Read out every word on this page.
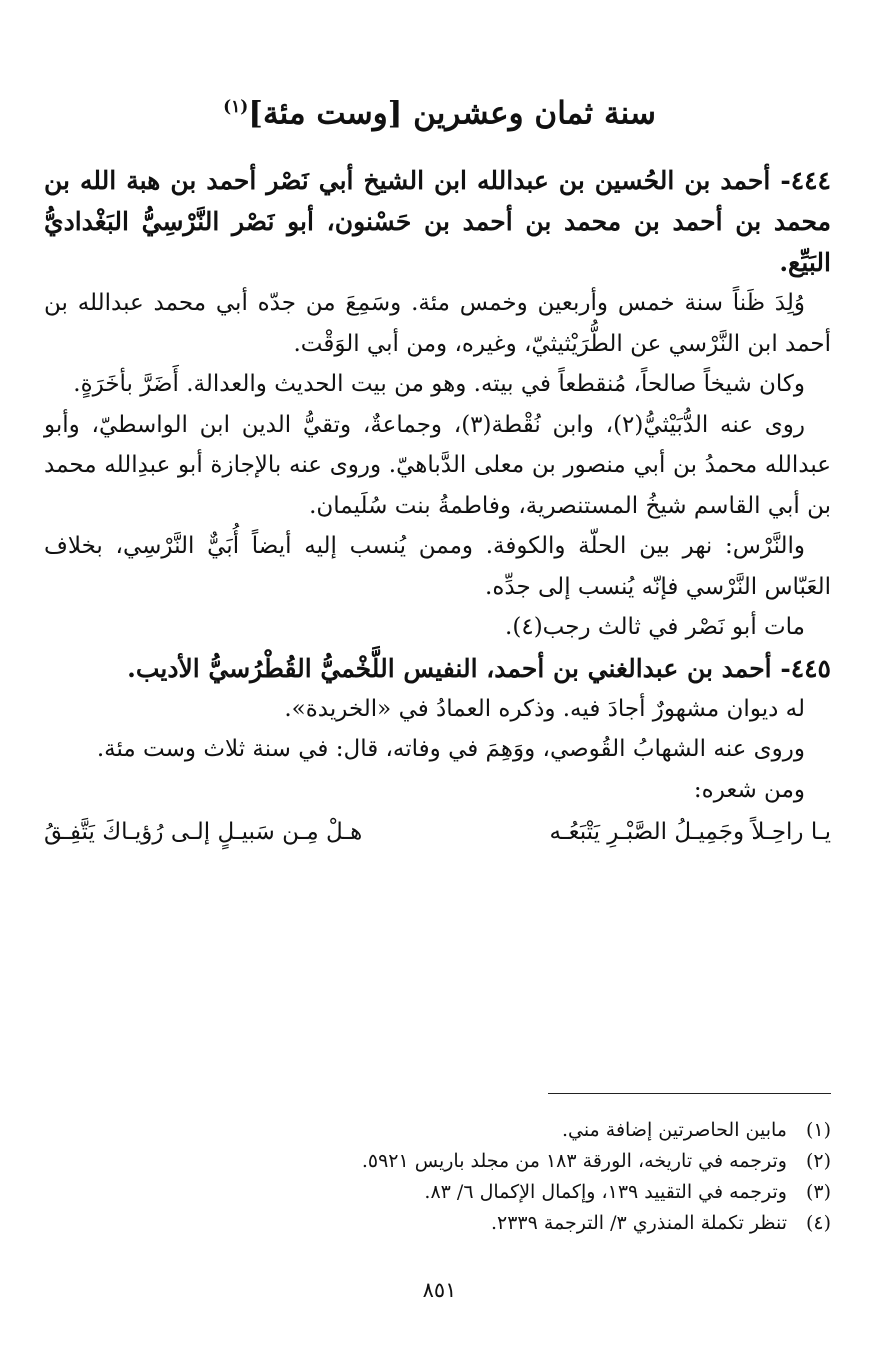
سنة ثمان وعشرين [وست مئة]$^{(١)}$

٤٤٤- أحمد بن الحُسين بن عبدالله ابن الشيخ أبي نَصْر أحمد بن هبة الله بن محمد بن أحمد بن محمد بن أحمد بن حَسْنون، أبو نَصْر النَّرْسِيُّ البَغْداديُّ البَيِّع.

وُلِدَ ظَناً سنة خمس وأربعين وخمس مئة. وسَمِعَ من جدّه أبي محمد عبدالله بن أحمد ابن النَّرْسي عن الطُّرَيْثيثيّ، وغيره، ومن أبي الوَقْت.

وكان شيخاً صالحاً، مُنقطعاً في بيته. وهو من بيت الحديث والعدالة. أَضَرَّ بأخَرَةٍ.

روى عنه الدُّبَيْثيُّ(٢)، وابن نُقْطة(٣)، وجماعةٌ، وتقيُّ الدين ابن الواسطيّ، وأبو عبدالله محمدُ بن أبي منصور بن معلى الدَّباهيّ. وروى عنه بالإجازة أبو عبدِالله محمد بن أبي القاسم شيخُ المستنصرية، وفاطمةُ بنت سُلَيمان.

والنَّرْس: نهر بين الحلّة والكوفة. وممن يُنسب إليه أيضاً أُبَيٌّ النَّرْسِي، بخلاف العَبّاس النَّرْسي فإنّه يُنسب إلى جدِّه.

مات أبو نَصْر في ثالث رجب(٤).

٤٤٥- أحمد بن عبدالغني بن أحمد، النفيس اللَّخْميُّ القُطْرُسيُّ الأديب.

له ديوان مشهورٌ أجادَ فيه. وذكره العمادُ في «الخريدة».

وروى عنه الشهابُ القُوصي، ووَهِمَ في وفاته، قال: في سنة ثلاث وست مئة.

ومن شعره:

يـا راحِـلاً وجَمِيـلُ الصَّبْـرِ يَتْبَعُـه
هـلْ مِـن سَبيـلٍ إلـى رُؤيـاكَ يَتَّفِـقُ
(١)
مابين الحاصرتين إضافة مني.
(٢)
وترجمه في تاريخه، الورقة ١٨٣ من مجلد باريس ٥٩٢١.
(٣)
وترجمه في التقييد ١٣٩، وإكمال الإكمال ٦/ ٨٣.
(٤)
تنظر تكملة المنذري ٣/ الترجمة ٢٣٣٩.
٨٥١
